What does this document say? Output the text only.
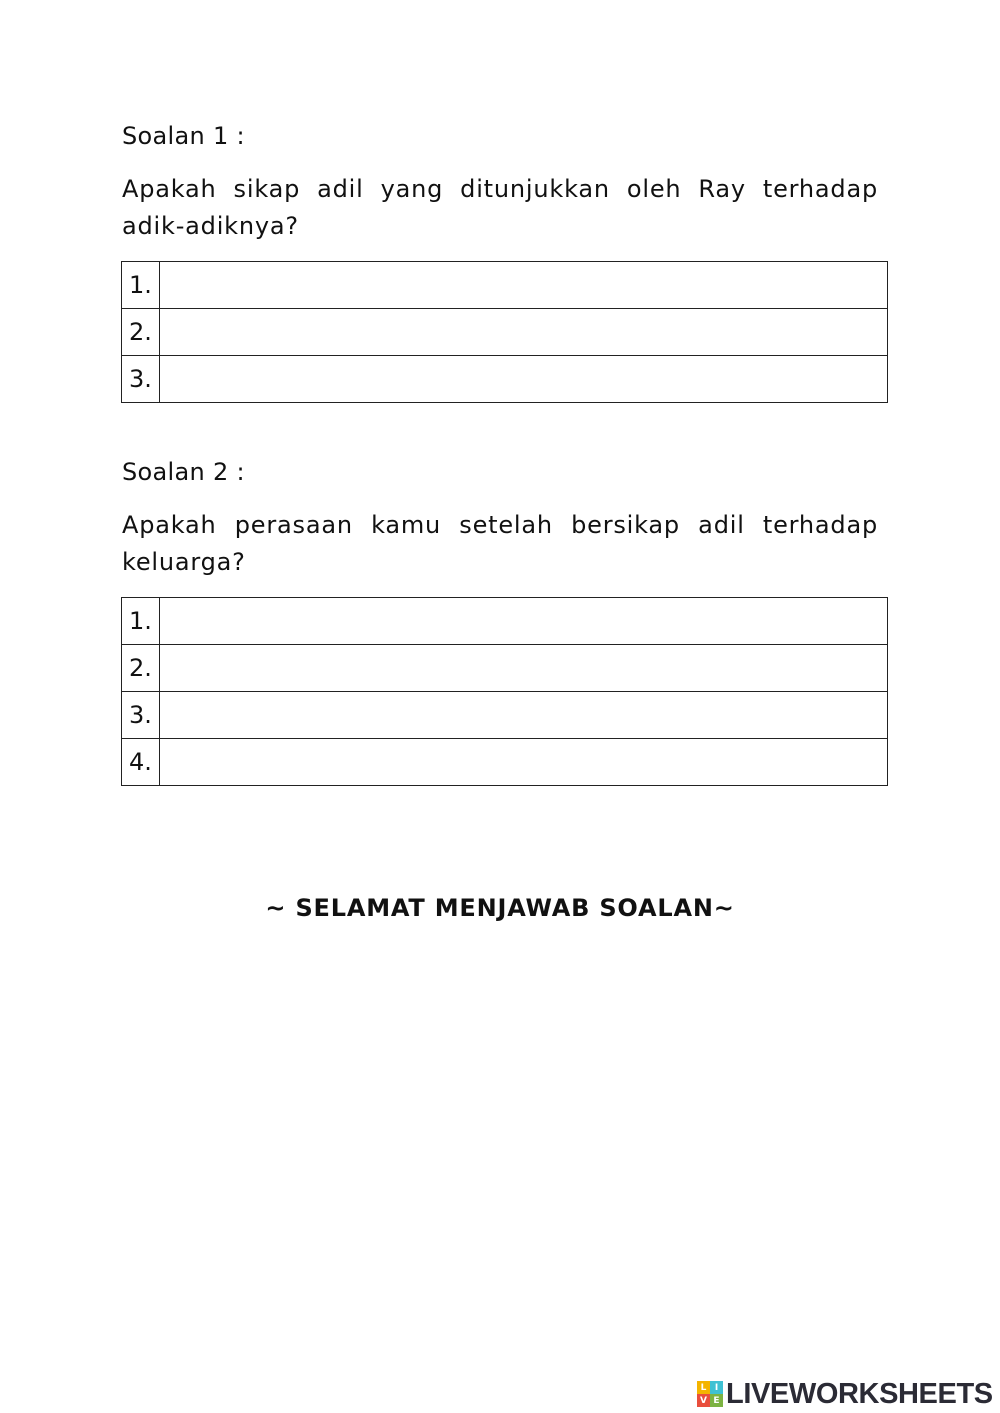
Soalan 1 :
Apakah sikap adil yang ditunjukkan oleh Ray terhadap adik-adiknya?
1.	
2.	
3.	
Soalan 2 :
Apakah perasaan kamu setelah bersikap adil terhadap keluarga?
1.	
2.	
3.	
4.	
~ SELAMAT MENJAWAB SOALAN~
L I
V E LIVEWORKSHEETS
